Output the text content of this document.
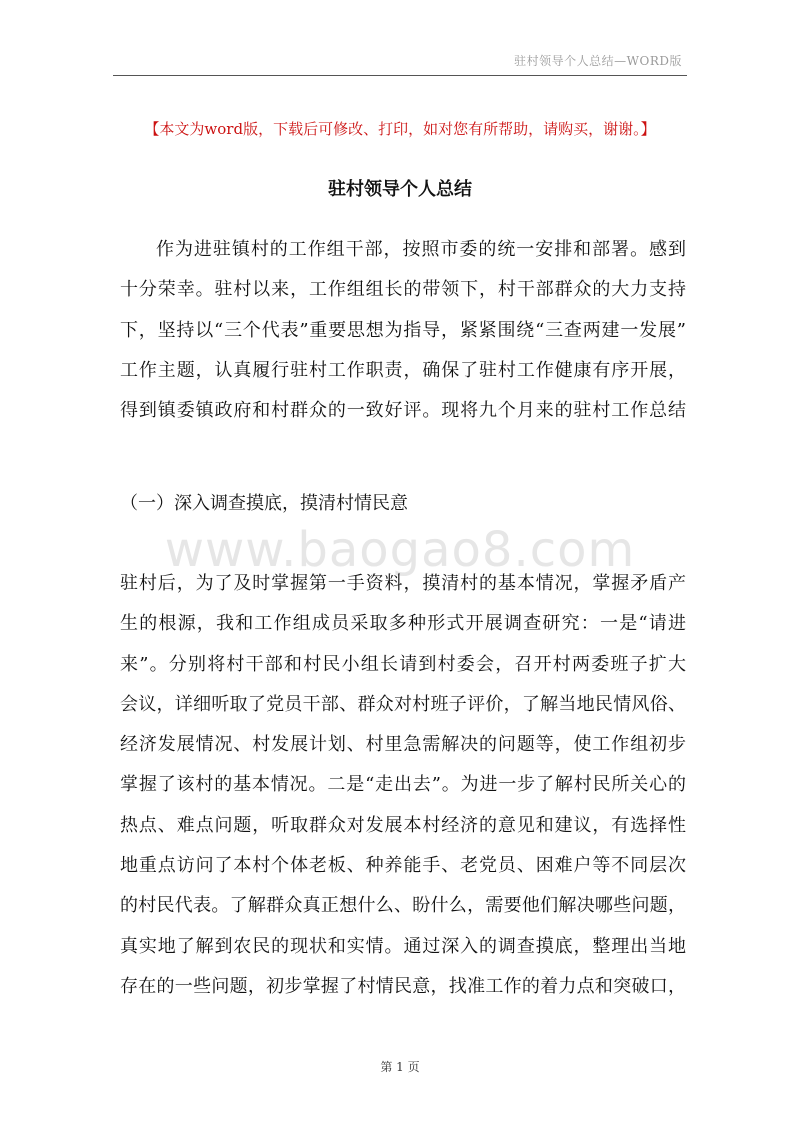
驻村领导个人总结—WORD版
【本文为word版，下载后可修改、打印，如对您有所帮助，请购买，谢谢。】
驻村领导个人总结
作为进驻镇村的工作组干部，按照市委的统一安排和部署。感到
十分荣幸。驻村以来，工作组组长的带领下，村干部群众的大力支持
下，坚持以“三个代表”重要思想为指导，紧紧围绕“三查两建一发展”
工作主题，认真履行驻村工作职责，确保了驻村工作健康有序开展，
得到镇委镇政府和村群众的一致好评。现将九个月来的驻村工作总结
（一）深入调查摸底，摸清村情民意
www.baogao8.com
驻村后，为了及时掌握第一手资料，摸清村的基本情况，掌握矛盾产
生的根源，我和工作组成员采取多种形式开展调查研究：一是“请进
来”。分别将村干部和村民小组长请到村委会，召开村两委班子扩大
会议，详细听取了党员干部、群众对村班子评价，了解当地民情风俗、
经济发展情况、村发展计划、村里急需解决的问题等，使工作组初步
掌握了该村的基本情况。二是“走出去”。为进一步了解村民所关心的
热点、难点问题，听取群众对发展本村经济的意见和建议，有选择性
地重点访问了本村个体老板、种养能手、老党员、困难户等不同层次
的村民代表。了解群众真正想什么、盼什么，需要他们解决哪些问题，
真实地了解到农民的现状和实情。通过深入的调查摸底，整理出当地
存在的一些问题，初步掌握了村情民意，找准工作的着力点和突破口，
第 1 页
